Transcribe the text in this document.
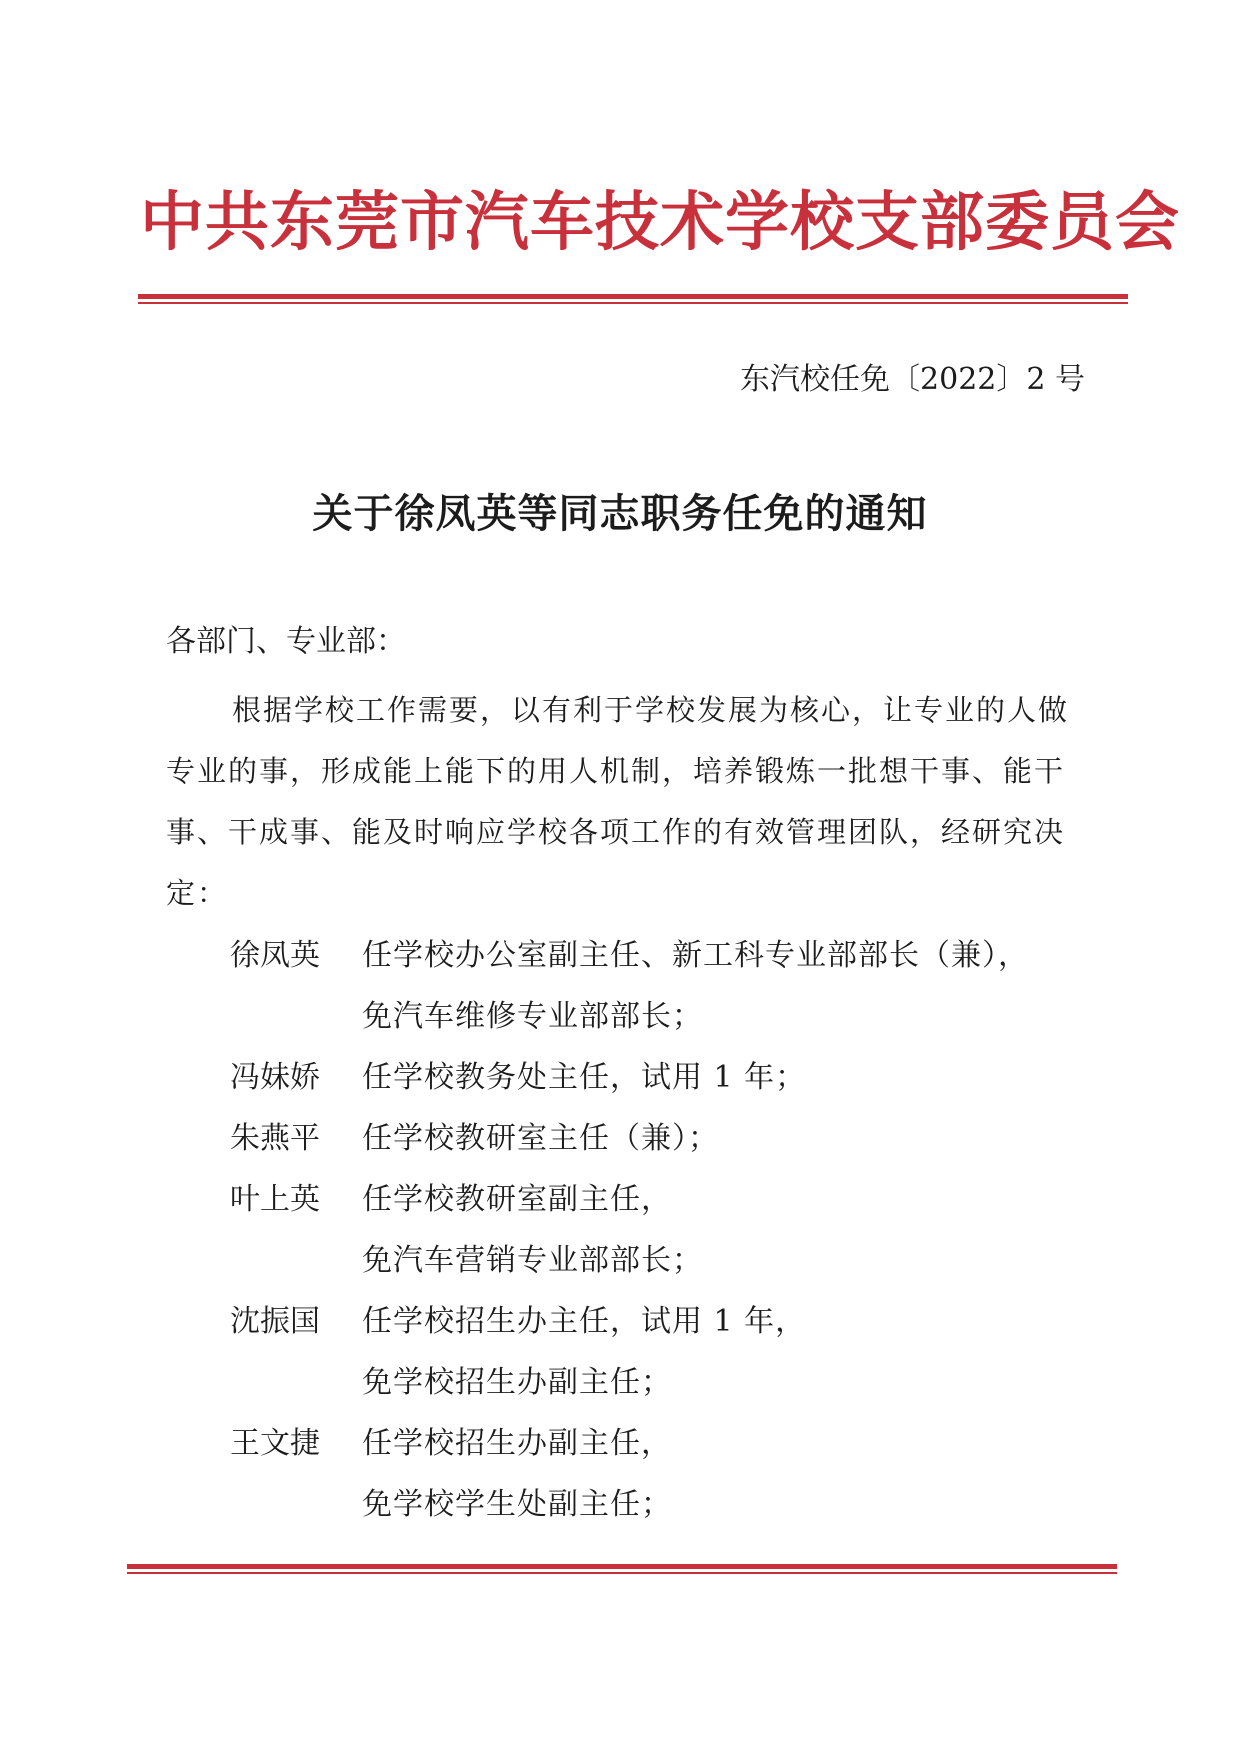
中共东莞市汽车技术学校支部委员会
东汽校任免〔2022〕2 号
关于徐凤英等同志职务任免的通知
各部门、专业部：
根据学校工作需要，以有利于学校发展为核心，让专业的人做专业的事，形成能上能下的用人机制，培养锻炼一批想干事、能干事、干成事、能及时响应学校各项工作的有效管理团队，经研究决定：
徐凤英	任学校办公室副主任、新工科专业部部长（兼），
免汽车维修专业部部长；
冯妹娇	任学校教务处主任，试用 1 年；
朱燕平	任学校教研室主任（兼）；
叶上英	任学校教研室副主任，
免汽车营销专业部部长；
沈振国	任学校招生办主任，试用 1 年，
免学校招生办副主任；
王文捷	任学校招生办副主任，
免学校学生处副主任；
